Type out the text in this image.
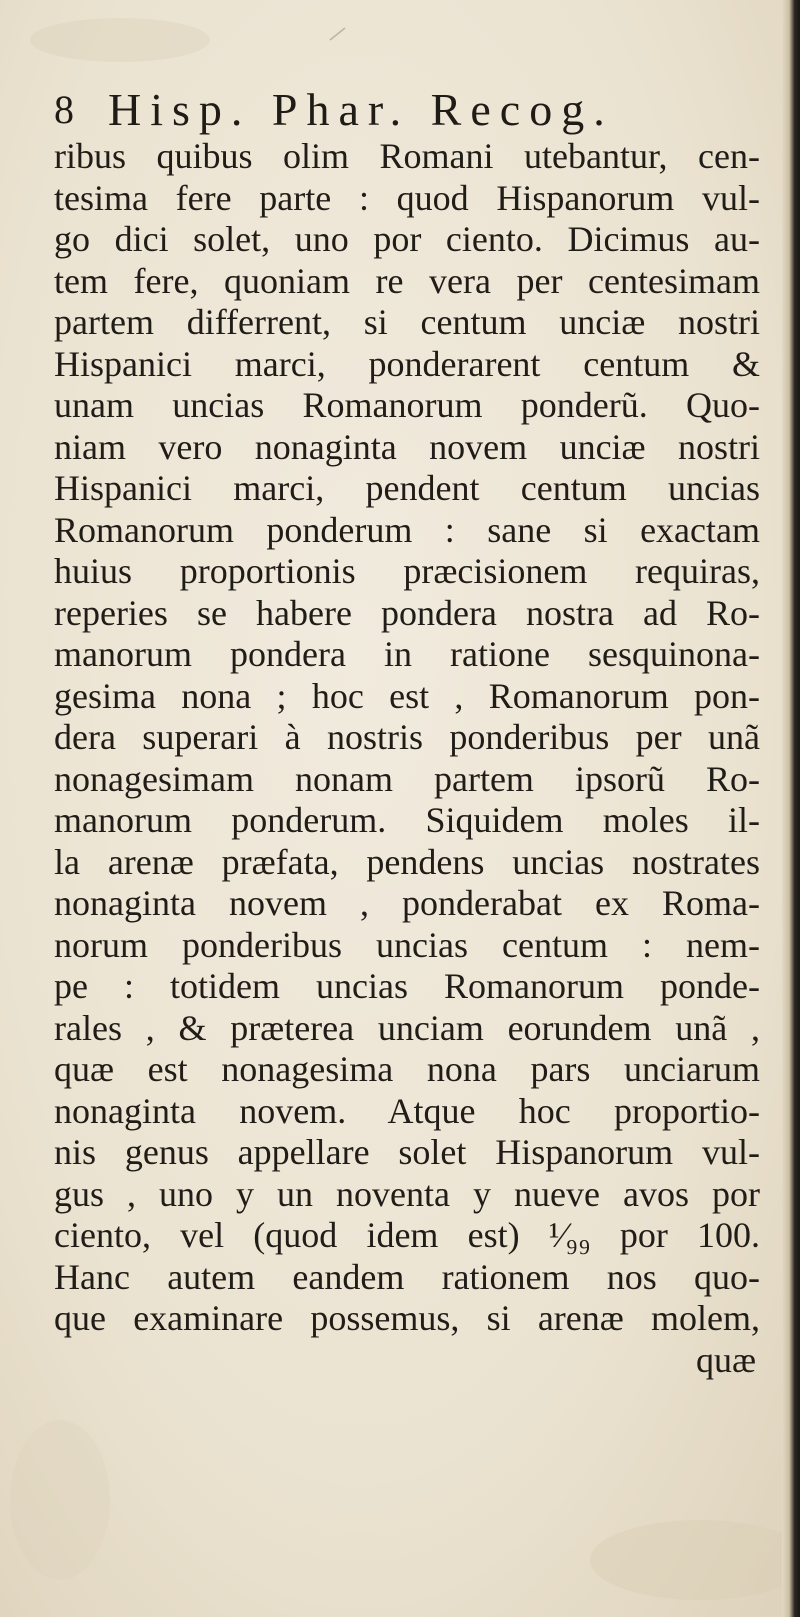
8 Hisp. Phar. Recog.
ribus quibus olim Romani utebantur, cen-
tesima fere parte : quod Hispanorum vul-
go dici solet, uno por ciento. Dicimus au-
tem fere, quoniam re vera per centesimam
partem differrent, si centum unciæ nostri
Hispanici marci, ponderarent centum &
unam uncias Romanorum ponderũ. Quo-
niam vero nonaginta novem unciæ nostri
Hispanici marci, pendent centum uncias
Romanorum ponderum : sane si exactam
huius proportionis præcisionem requiras,
reperies se habere pondera nostra ad Ro-
manorum pondera in ratione sesquinona-
gesima nona ; hoc est , Romanorum pon-
dera superari à nostris ponderibus per unã
nonagesimam nonam partem ipsorũ Ro-
manorum ponderum. Siquidem moles il-
la arenæ præfata, pendens uncias nostrates
nonaginta novem , ponderabat ex Roma-
norum ponderibus uncias centum : nem-
pe : totidem uncias Romanorum ponde-
rales , & præterea unciam eorundem unã ,
quæ est nonagesima nona pars unciarum
nonaginta novem. Atque hoc proportio-
nis genus appellare solet Hispanorum vul-
gus , uno y un noventa y nueve avos por
ciento, vel (quod idem est) ¹⁄₉₉ por 100.
Hanc autem eandem rationem nos quo-
que examinare possemus, si arenæ molem,
quæ
